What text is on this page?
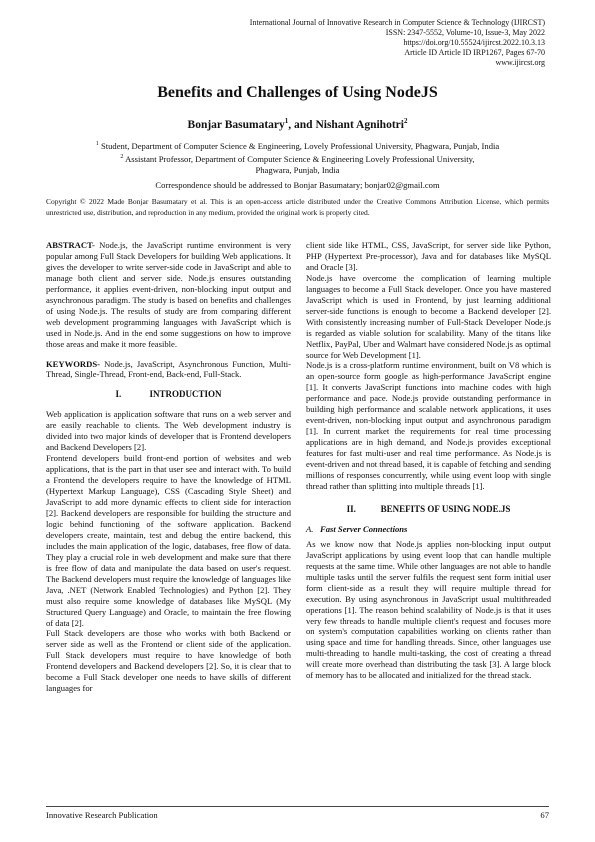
International Journal of Innovative Research in Computer Science & Technology (IJIRCST)
ISSN: 2347-5552, Volume-10, Issue-3, May 2022
https://doi.org/10.55524/ijircst.2022.10.3.13
Article ID Article ID IRP1267, Pages 67-70
www.ijircst.org
Benefits and Challenges of Using NodeJS
Bonjar Basumatary$^1$, and Nishant Agnihotri$^2$
$^1$ Student, Department of Computer Science & Engineering, Lovely Professional University, Phagwara, Punjab, India
$^2$ Assistant Professor, Department of Computer Science & Engineering Lovely Professional University,
Phagwara, Punjab, India
Correspondence should be addressed to Bonjar Basumatary; bonjar02@gmail.com
Copyright © 2022 Made Bonjar Basumatary et al. This is an open-access article distributed under the Creative Commons Attribution License, which permits unrestricted use, distribution, and reproduction in any medium, provided the original work is properly cited.

ABSTRACT- Node.js, the JavaScript runtime environment is very popular among Full Stack Developers for building Web applications. It gives the developer to write server-side code in JavaScript and able to manage both client and server side. Node.js ensures outstanding performance, it applies event-driven, non-blocking input output and asynchronous paradigm. The study is based on benefits and challenges of using Node.js. The results of study are from comparing different web development programming languages with JavaScript which is used in Node.js. And in the end some suggestions on how to improve those areas and make it more feasible.

KEYWORDS- Node.js, JavaScript, Asynchronous Function, Multi-Thread, Single-Thread, Front-end, Back-end, Full-Stack.

I.	INTRODUCTION

Web application is application software that runs on a web server and are easily reachable to clients. The Web development industry is divided into two major kinds of developer that is Frontend developers and Backend Developers [2].

Frontend developers build front-end portion of websites and web applications, that is the part in that user see and interact with. To build a Frontend the developers require to have the knowledge of HTML (Hypertext Markup Language), CSS (Cascading Style Sheet) and JavaScript to add more dynamic effects to client side for interaction [2]. Backend developers are responsible for building the structure and logic behind functioning of the software application. Backend developers create, maintain, test and debug the entire backend, this includes the main application of the logic, databases, free flow of data. They play a crucial role in web development and make sure that there is free flow of data and manipulate the data based on user's request. The Backend developers must require the knowledge of languages like Java, .NET (Network Enabled Technologies) and Python [2]. They must also require some knowledge of databases like MySQL (My Structured Query Language) and Oracle, to maintain the free flowing of data [2].

Full Stack developers are those who works with both Backend or server side as well as the Frontend or client side of the application. Full Stack developers must require to have knowledge of both Frontend developers and Backend developers [2]. So, it is clear that to become a Full Stack developer one needs to have skills of different languages for

client side like HTML, CSS, JavaScript, for server side like Python, PHP (Hypertext Pre-processor), Java and for databases like MySQL and Oracle [3].

Node.js have overcome the complication of learning multiple languages to become a Full Stack developer. Once you have mastered JavaScript which is used in Frontend, by just learning additional server-side functions is enough to become a Backend developer [2]. With consistently increasing number of Full-Stack Developer Node.js is regarded as viable solution for scalability. Many of the titans like Netflix, PayPal, Uber and Walmart have considered Node.js as optimal source for Web Development [1].

Node.js is a cross-platform runtime environment, built on V8 which is an open-source form google as high-performance JavaScript engine [1]. It converts JavaScript functions into machine codes with high performance and pace. Node.js provide outstanding performance in building high performance and scalable network applications, it uses event-driven, non-blocking input output and asynchronous paradigm [1]. In current market the requirements for real time processing applications are in high demand, and Node.js provides exceptional features for fast multi-user and real time performance. As Node.js is event-driven and not thread based, it is capable of fetching and sending millions of responses concurrently, while using event loop with single thread rather than splitting into multiple threads [1].

II.	BENEFITS OF USING NODE.JS

A. Fast Server Connections

As we know now that Node.js applies non-blocking input output JavaScript applications by using event loop that can handle multiple requests at the same time. While other languages are not able to handle multiple tasks until the server fulfils the request sent form initial user form client-side as a result they will require multiple thread for execution. By using asynchronous in JavaScript usual multithreaded operations [1]. The reason behind scalability of Node.js is that it uses very few threads to handle multiple client's request and focuses more on system's computation capabilities working on clients rather than using space and time for handling threads. Since, other languages use multi-threading to handle multi-tasking, the cost of creating a thread will create more overhead than distributing the task [3]. A large block of memory has to be allocated and initialized for the thread stack.

Innovative Research Publication	67
